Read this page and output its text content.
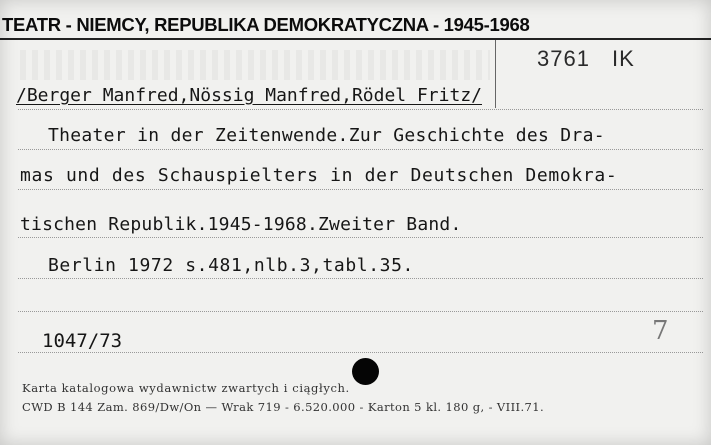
TEATR - NIEMCY, REPUBLIKA DEMOKRATYCZNA - 1945-1968
3761 IK
/Berger Manfred,Nössig Manfred,Rödel Fritz/
Theater in der Zeitenwende.Zur Geschichte des Dra-
mas und des Schauspielters in der Deutschen Demokra-
tischen Republik.1945-1968.Zweiter Band.
Berlin 1972 s.481,nlb.3,tabl.35.
1047/73	7
Karta katalogowa wydawnictw zwartych i ciągłych.
CWD B 144 Zam. 869/Dw/On — Wrak 719 - 6.520.000 - Karton 5 kl. 180 g, - VIII.71.
